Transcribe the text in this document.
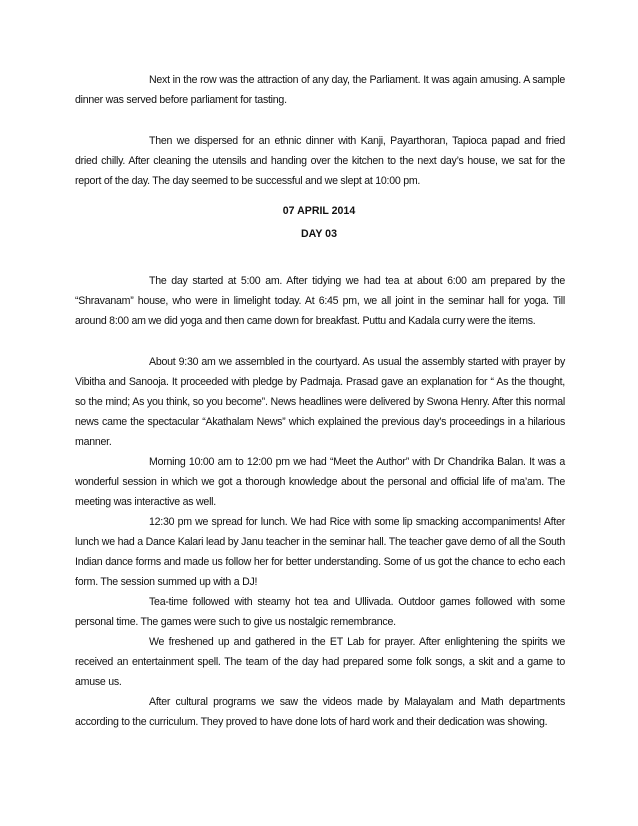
Next in the row was the attraction of any day, the Parliament. It was again amusing. A sample dinner was served before parliament for tasting.

Then we dispersed for an ethnic dinner with Kanji, Payarthoran, Tapioca papad and fried dried chilly. After cleaning the utensils and handing over the kitchen to the next day’s house, we sat for the report of the day. The day seemed to be successful and we slept at 10:00 pm.

07 APRIL 2014

DAY 03

The day started at 5:00 am. After tidying we had tea at about 6:00 am prepared by the “Shravanam” house, who were in limelight today. At 6:45 pm, we all joint in the seminar hall for yoga. Till around 8:00 am we did yoga and then came down for breakfast. Puttu and Kadala curry were the items.

About 9:30 am we assembled in the courtyard. As usual the assembly started with prayer by Vibitha and Sanooja. It proceeded with pledge by Padmaja. Prasad gave an explanation for “ As the thought, so the mind; As you think, so you become”. News headlines were delivered by Swona Henry. After this normal news came the spectacular “Akathalam News” which explained the previous day’s proceedings in a hilarious manner.

Morning 10:00 am to 12:00 pm we had “Meet the Author” with Dr Chandrika Balan. It was a wonderful session in which we got a thorough knowledge about the personal and official life of ma’am. The meeting was interactive as well.

12:30 pm we spread for lunch. We had Rice with some lip smacking accompaniments! After lunch we had a Dance Kalari lead by Janu teacher in the seminar hall. The teacher gave demo of all the South Indian dance forms and made us follow her for better understanding. Some of us got the chance to echo each form. The session summed up with a DJ!

Tea-time followed with steamy hot tea and Ullivada. Outdoor games followed with some personal time. The games were such to give us nostalgic remembrance.

We freshened up and gathered in the ET Lab for prayer. After enlightening the spirits we received an entertainment spell. The team of the day had prepared some folk songs, a skit and a game to amuse us.

After cultural programs we saw the videos made by Malayalam and Math departments according to the curriculum. They proved to have done lots of hard work and their dedication was showing.
